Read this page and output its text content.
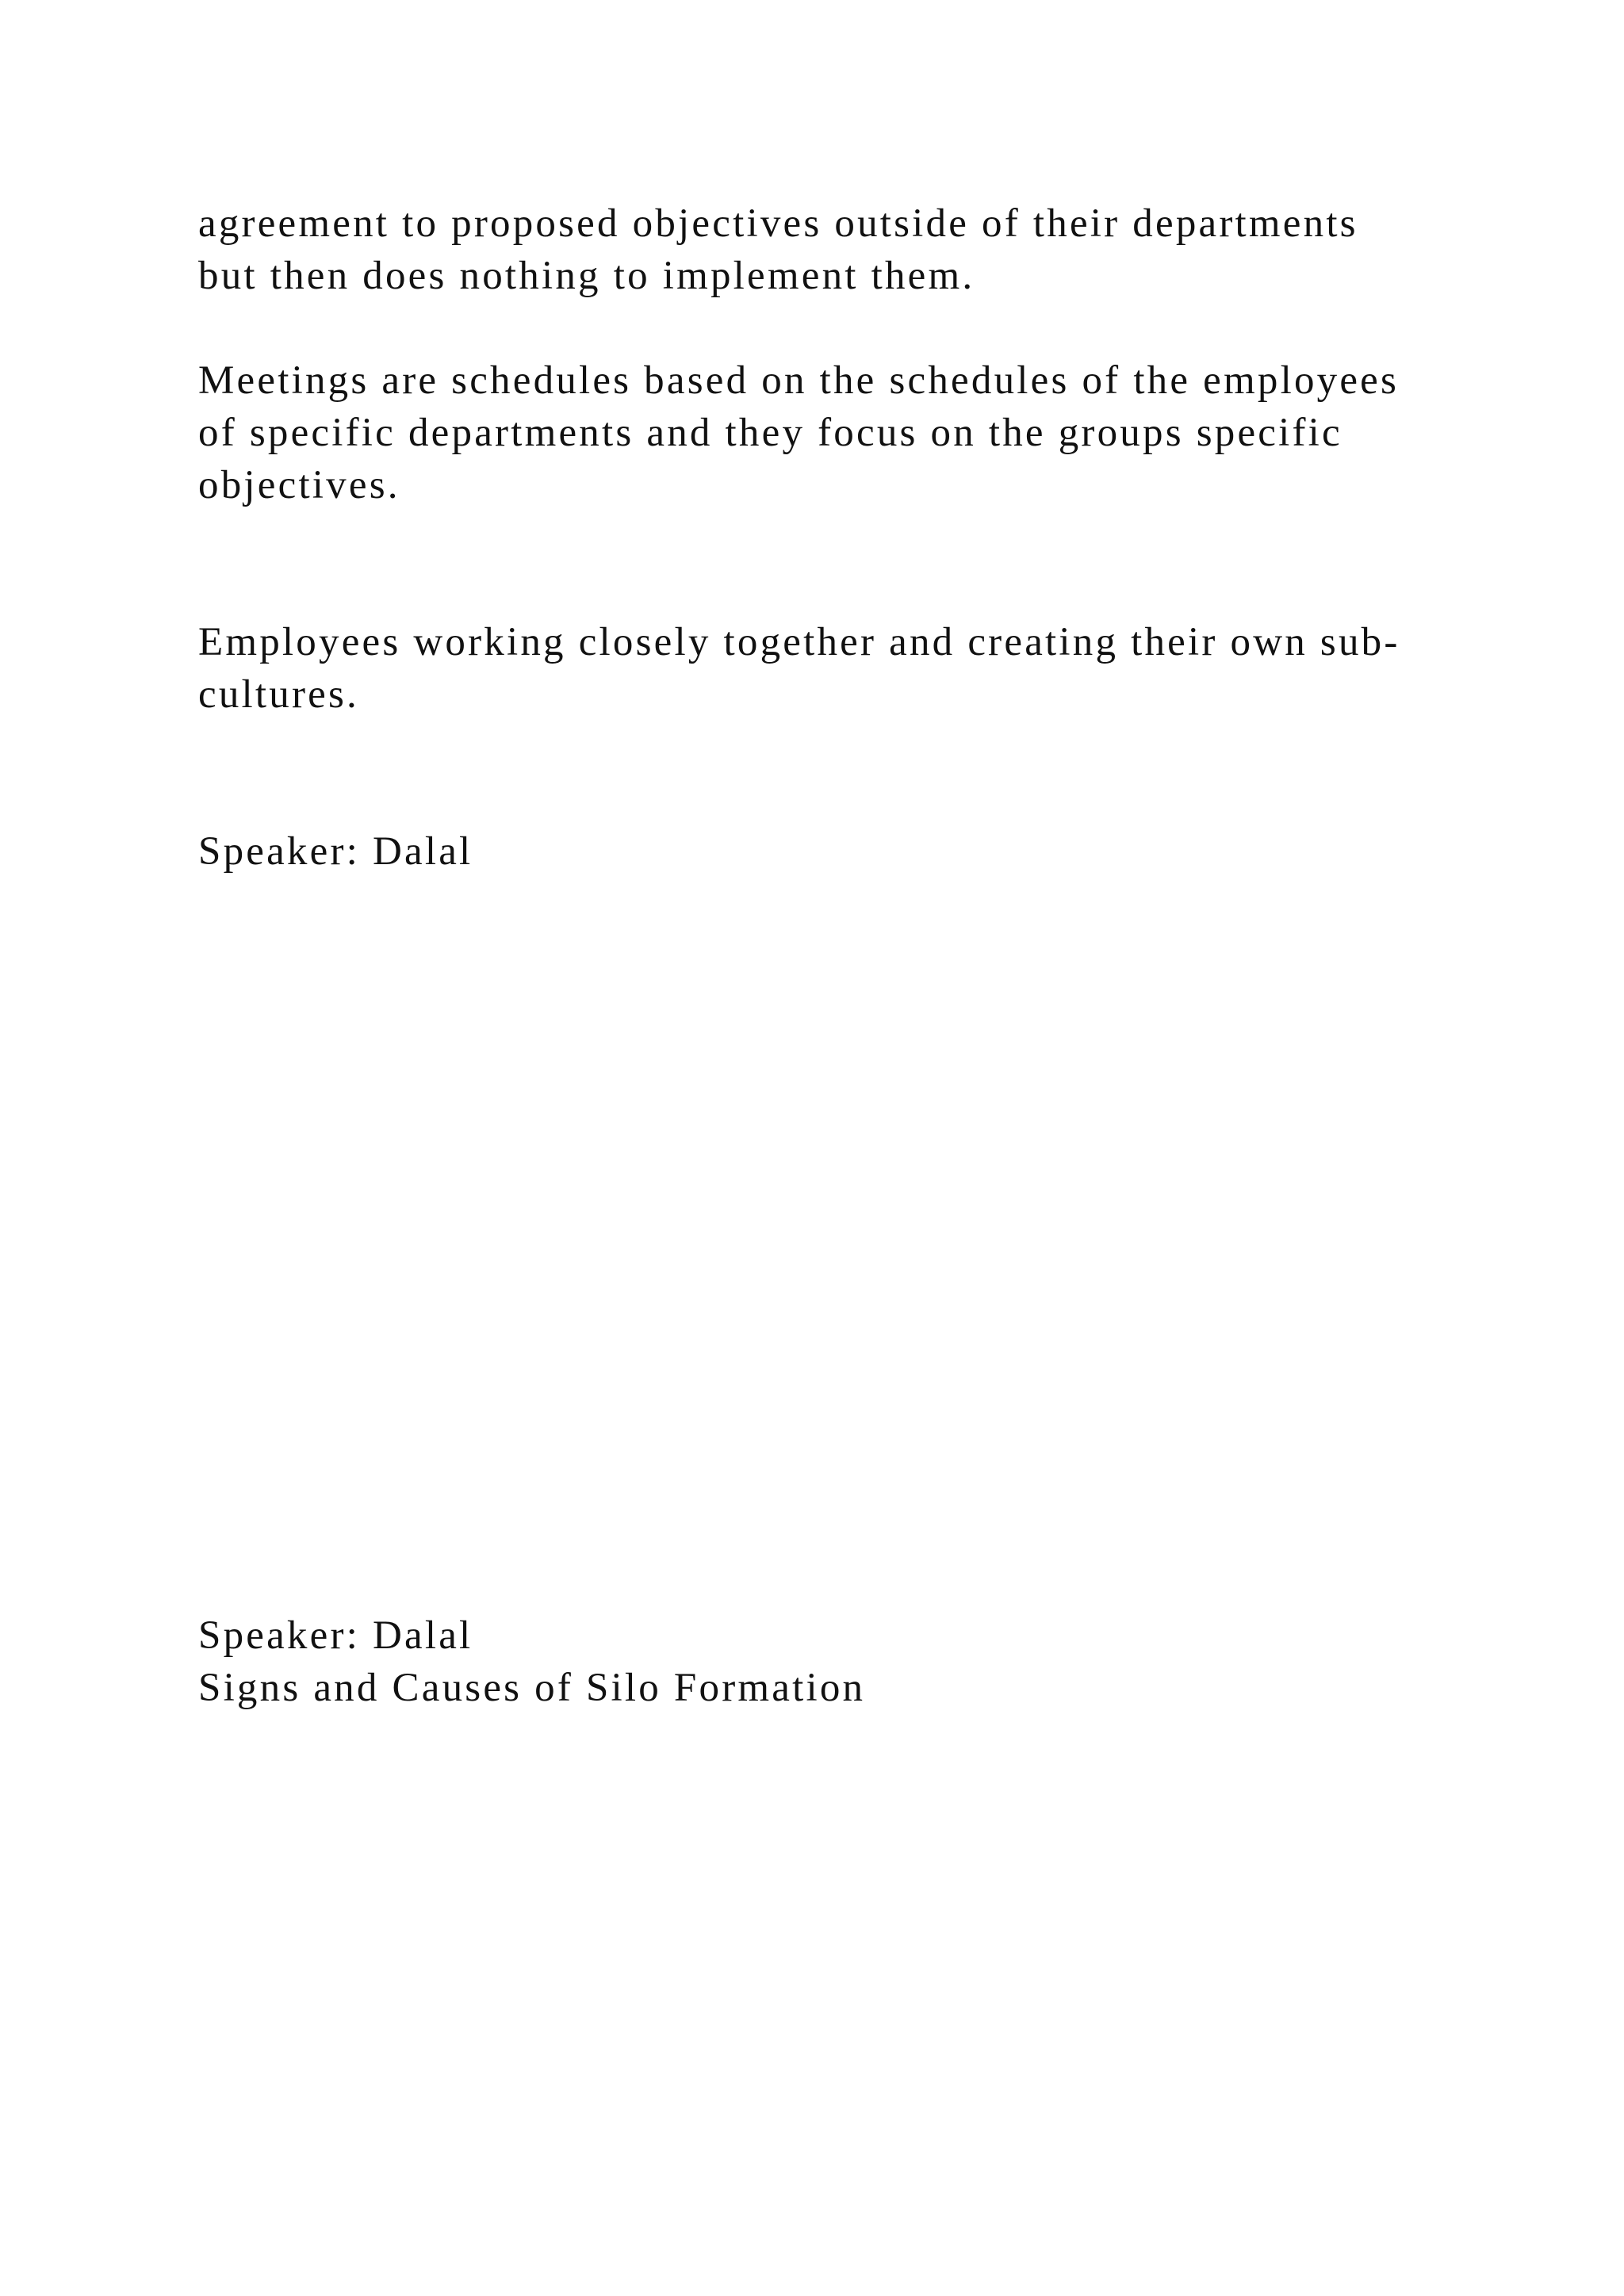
agreement to proposed objectives outside of their departments

but then does nothing to implement them.

Meetings are schedules based on the schedules of the employees

of specific departments and they focus on the groups specific

objectives.

Employees working closely together and creating their own sub-

cultures.

Speaker: Dalal

Speaker: Dalal

Signs and Causes of Silo Formation
